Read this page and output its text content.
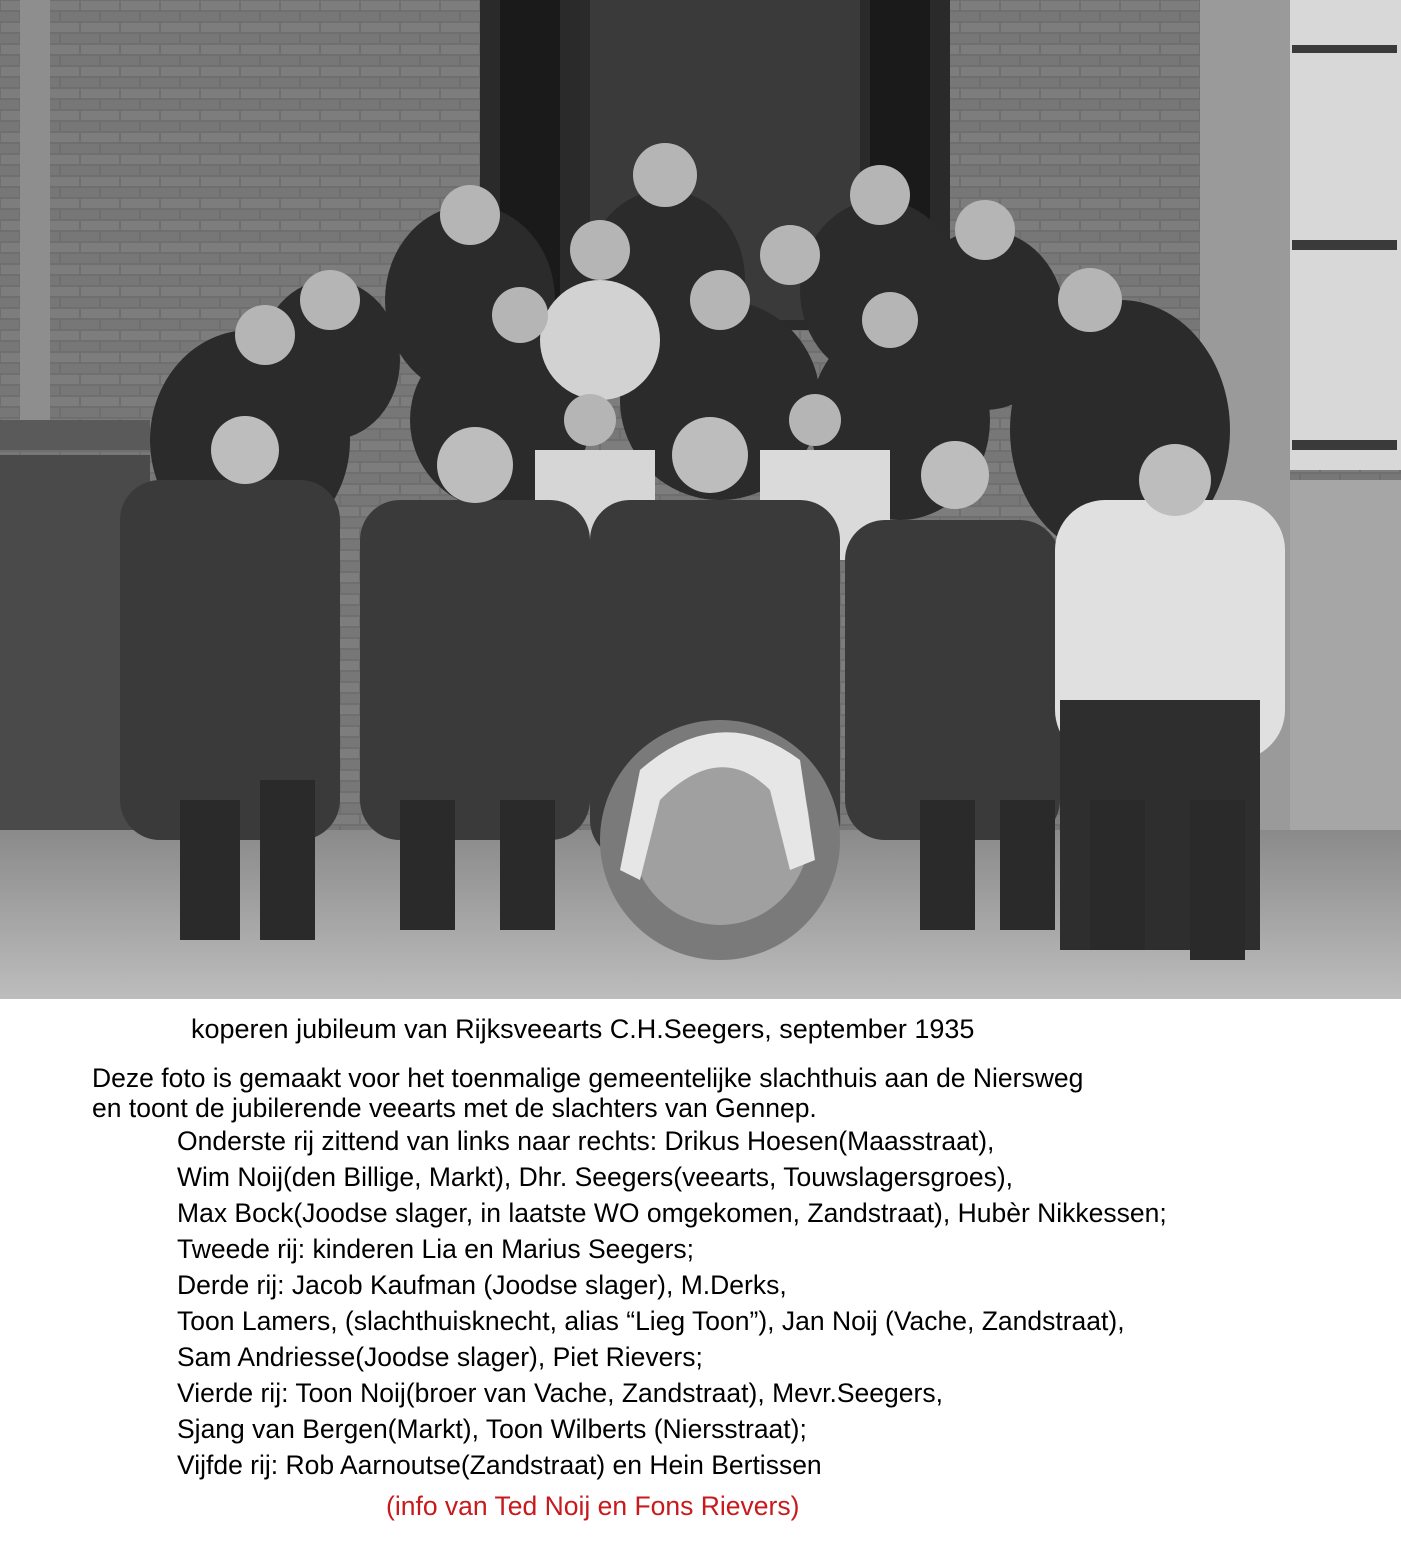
koperen jubileum van Rijksveearts C.H.Seegers, september 1935
Deze foto is gemaakt voor het toenmalige gemeentelijke slachthuis aan de Niersweg
en toont de jubilerende veearts met de slachters van Gennep.
Onderste rij zittend van links naar rechts: Drikus Hoesen(Maasstraat),
Wim Noij(den Billige, Markt), Dhr. Seegers(veearts, Touwslagersgroes),
Max Bock(Joodse slager, in laatste WO omgekomen, Zandstraat), Hubèr Nikkessen;
Tweede rij: kinderen Lia en Marius Seegers;
Derde rij: Jacob Kaufman (Joodse slager), M.Derks,
Toon Lamers, (slachthuisknecht, alias “Lieg Toon”), Jan Noij (Vache, Zandstraat),
Sam Andriesse(Joodse slager), Piet Rievers;
Vierde rij: Toon Noij(broer van Vache, Zandstraat), Mevr.Seegers,
Sjang van Bergen(Markt), Toon Wilberts (Niersstraat);
Vijfde rij: Rob Aarnoutse(Zandstraat) en Hein Bertissen
(info van Ted Noij en Fons Rievers)
